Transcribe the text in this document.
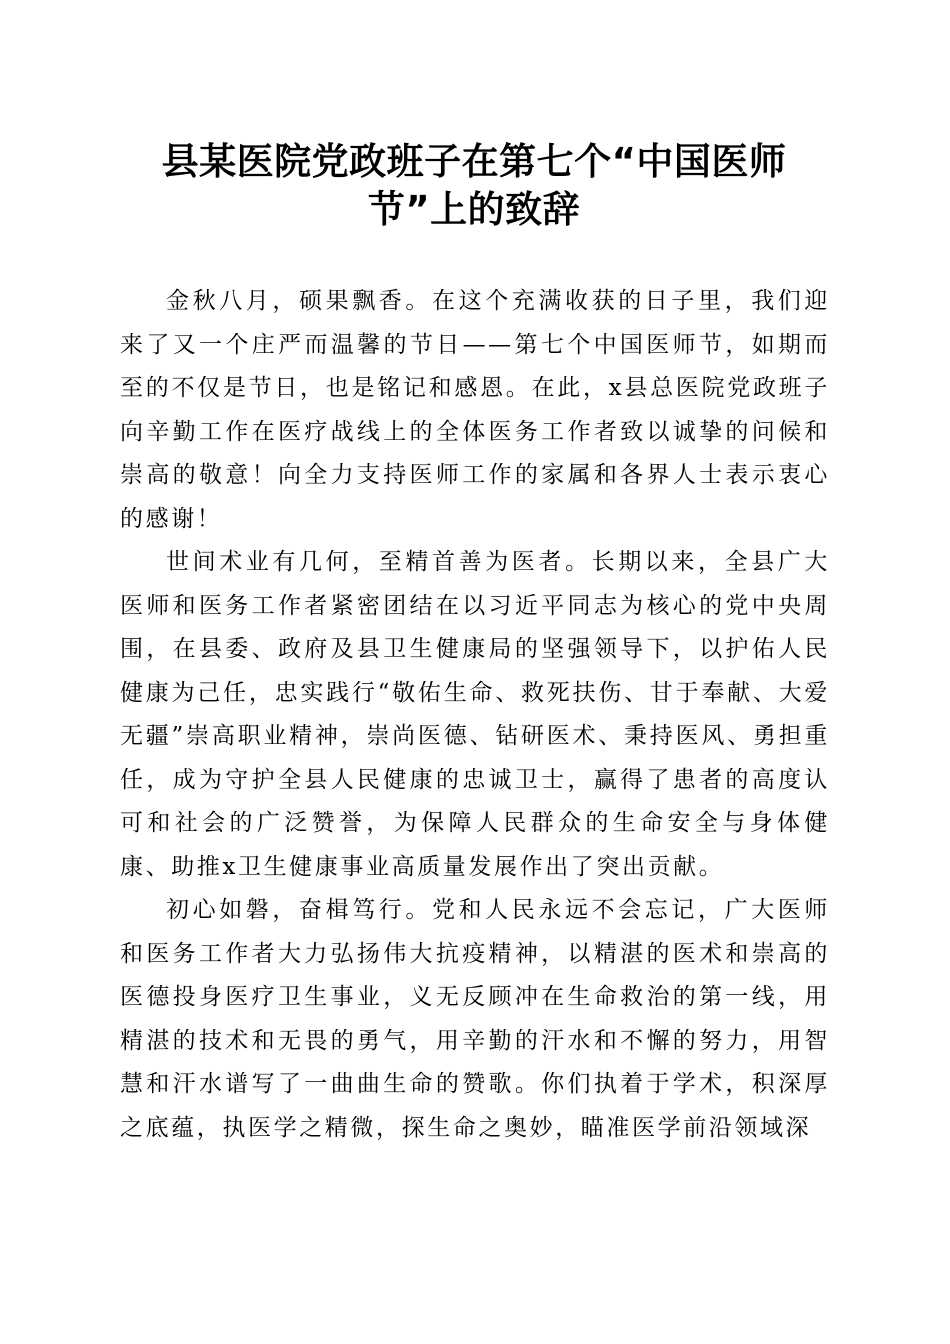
县某医院党政班子在第七个“中国医师节”上的致辞

金秋八月，硕果飘香。在这个充满收获的日子里，我们迎来了又一个庄严而温馨的节日——第七个中国医师节，如期而至的不仅是节日，也是铭记和感恩。在此，x县总医院党政班子向辛勤工作在医疗战线上的全体医务工作者致以诚挚的问候和崇高的敬意！向全力支持医师工作的家属和各界人士表示衷心的感谢！

世间术业有几何，至精首善为医者。长期以来，全县广大医师和医务工作者紧密团结在以习近平同志为核心的党中央周围，在县委、政府及县卫生健康局的坚强领导下，以护佑人民健康为己任，忠实践行“敬佑生命、救死扶伤、甘于奉献、大爱无疆”崇高职业精神，崇尚医德、钻研医术、秉持医风、勇担重任，成为守护全县人民健康的忠诚卫士，赢得了患者的高度认可和社会的广泛赞誉，为保障人民群众的生命安全与身体健康、助推x卫生健康事业高质量发展作出了突出贡献。

初心如磐，奋楫笃行。党和人民永远不会忘记，广大医师和医务工作者大力弘扬伟大抗疫精神，以精湛的医术和崇高的医德投身医疗卫生事业，义无反顾冲在生命救治的第一线，用精湛的技术和无畏的勇气，用辛勤的汗水和不懈的努力，用智慧和汗水谱写了一曲曲生命的赞歌。你们执着于学术，积深厚之底蕴，执医学之精微，探生命之奥妙，瞄准医学前沿领域深
